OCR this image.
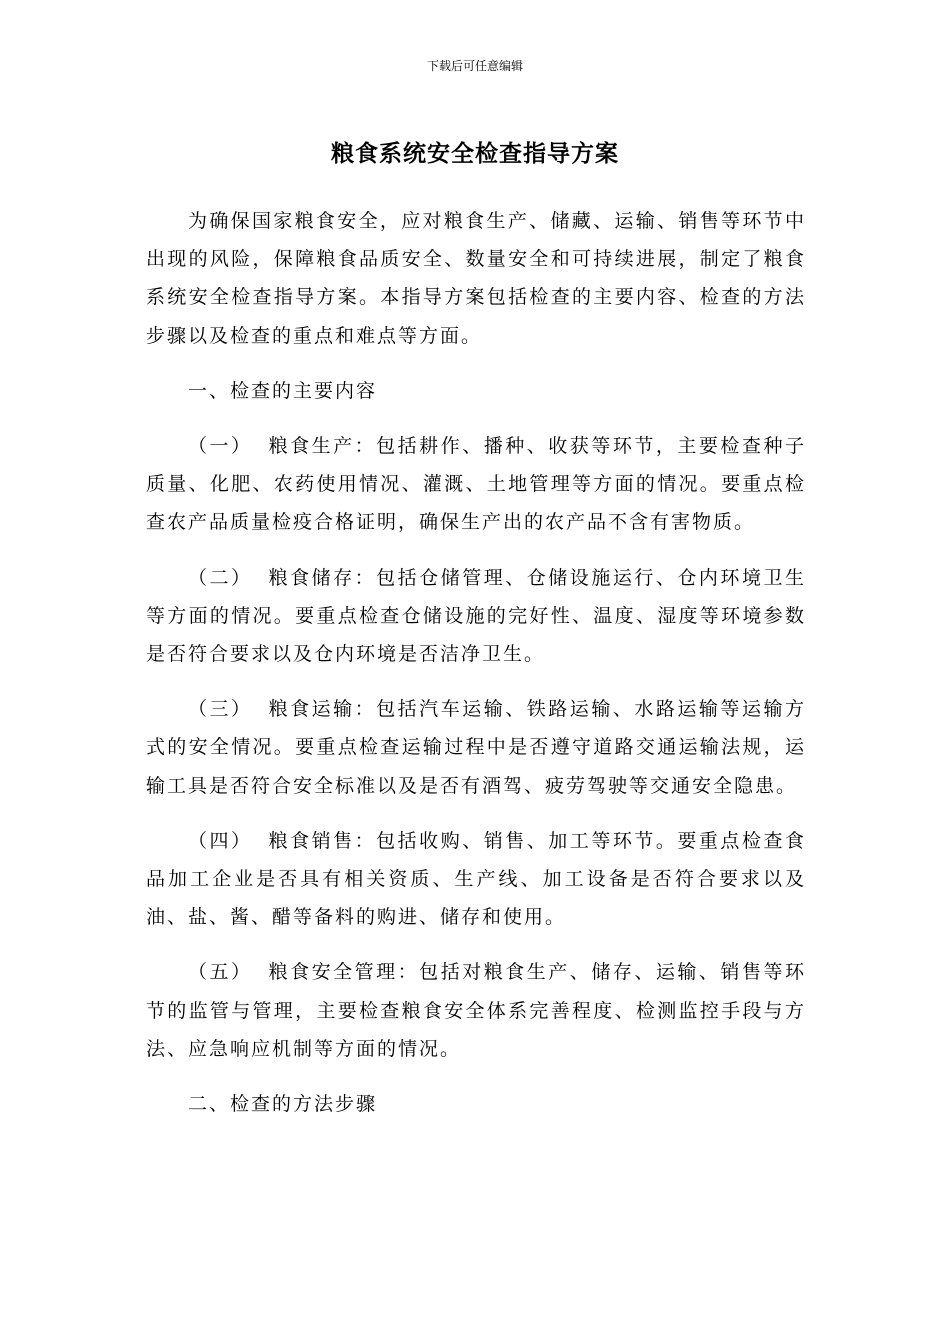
下载后可任意编辑
粮食系统安全检查指导方案

为确保国家粮食安全，应对粮食生产、储藏、运输、销售等环节中出现的风险，保障粮食品质安全、数量安全和可持续进展，制定了粮食系统安全检查指导方案。本指导方案包括检查的主要内容、检查的方法步骤以及检查的重点和难点等方面。

一、检查的主要内容

（一） 粮食生产：包括耕作、播种、收获等环节，主要检查种子质量、化肥、农药使用情况、灌溉、土地管理等方面的情况。要重点检查农产品质量检疫合格证明，确保生产出的农产品不含有害物质。

（二） 粮食储存：包括仓储管理、仓储设施运行、仓内环境卫生等方面的情况。要重点检查仓储设施的完好性、温度、湿度等环境参数是否符合要求以及仓内环境是否洁净卫生。

（三） 粮食运输：包括汽车运输、铁路运输、水路运输等运输方式的安全情况。要重点检查运输过程中是否遵守道路交通运输法规，运输工具是否符合安全标准以及是否有酒驾、疲劳驾驶等交通安全隐患。

（四） 粮食销售：包括收购、销售、加工等环节。要重点检查食品加工企业是否具有相关资质、生产线、加工设备是否符合要求以及油、盐、酱、醋等备料的购进、储存和使用。

（五） 粮食安全管理：包括对粮食生产、储存、运输、销售等环节的监管与管理，主要检查粮食安全体系完善程度、检测监控手段与方法、应急响应机制等方面的情况。

二、检查的方法步骤
